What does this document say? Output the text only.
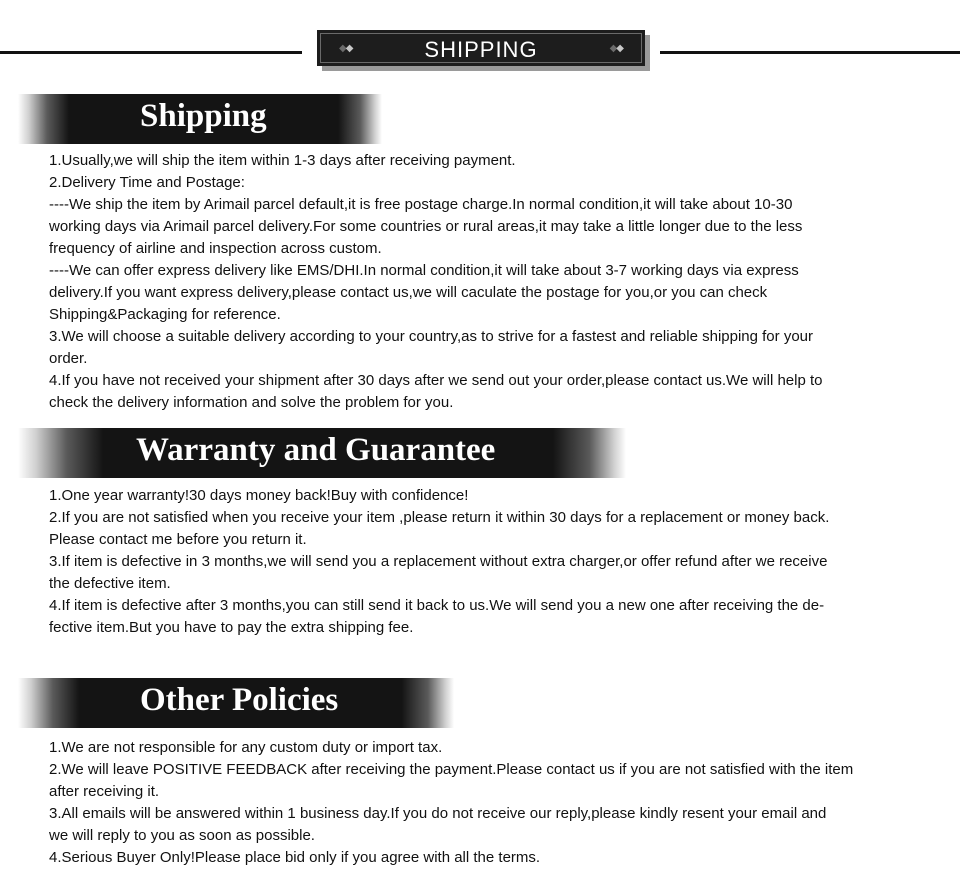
◆◆	SHIPPING	◆◆
Shipping
1.Usually,we will ship the item within 1-3 days after receiving payment.
2.Delivery Time and Postage:
----We ship the item by Arimail parcel default,it is free postage charge.In normal condition,it will take about 10-30
working days via Arimail parcel delivery.For some countries or rural areas,it may take a little longer due to the less
frequency of airline and inspection across custom.
----We can offer express delivery like EMS/DHI.In normal condition,it will take about 3-7 working days via express
delivery.If you want express delivery,please contact us,we will caculate the postage for you,or you can check
Shipping&Packaging for reference.
3.We will choose a suitable delivery according to your country,as to strive for a fastest and reliable shipping for your
order.
4.If you have not received your shipment after 30 days after we send out your order,please contact us.We will help to
check the delivery information and solve the problem for you.
Warranty and Guarantee
1.One year warranty!30 days money back!Buy with confidence!
2.If you are not satisfied when you receive your item ,please return it within 30 days for a replacement or money back.
Please contact me before you return it.
3.If item is defective in 3 months,we will send you a replacement without extra charger,or offer refund after we receive
the defective item.
4.If item is defective after 3 months,you can still send it back to us.We will send you a new one after receiving the de-
fective item.But you have to pay the extra shipping fee.
Other Policies
1.We are not responsible for any custom duty or import tax.
2.We will leave POSITIVE FEEDBACK after receiving the payment.Please contact us if you are not satisfied with the item
after receiving it.
3.All emails will be answered within 1 business day.If you do not receive our reply,please kindly resent your email and
we will reply to you as soon as possible.
4.Serious Buyer Only!Please place bid only if you agree with all the terms.
